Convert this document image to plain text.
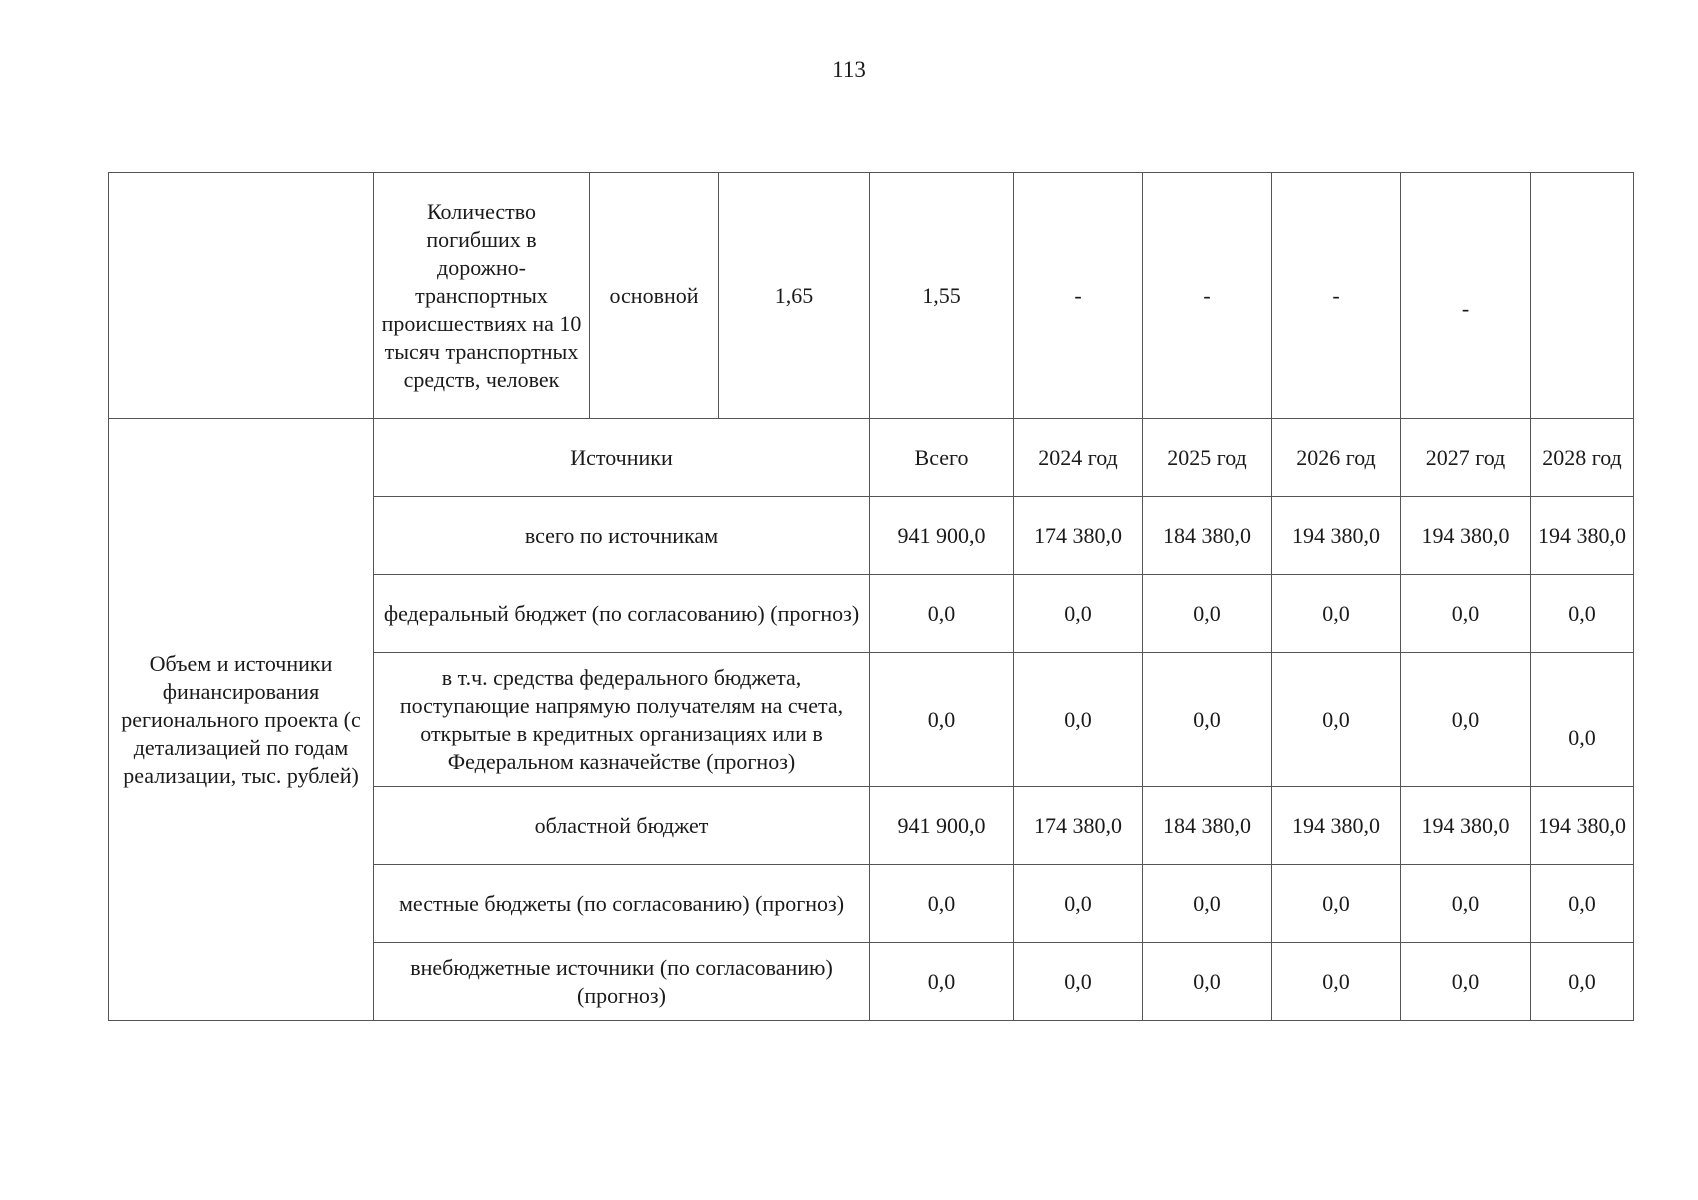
113
	Количество погибших в дорожно-транспортных происшествиях на 10 тысяч транспортных средств, человек	основной	1,65	1,55	-	-	-	-	
Объем и источники финансирования регионального проекта (с детализацией по годам реализации, тыс. рублей)	Источники			Всего	2024 год	2025 год	2026 год	2027 год	2028 год
	всего по источникам			941 900,0	174 380,0	184 380,0	194 380,0	194 380,0	194 380,0
	федеральный бюджет (по согласованию) (прогноз)			0,0	0,0	0,0	0,0	0,0	0,0
	в т.ч. средства федерального бюджета, поступающие напрямую получателям на счета, открытые в кредитных организациях или в Федеральном казначействе (прогноз)			0,0	0,0	0,0	0,0	0,0	0,0
	областной бюджет			941 900,0	174 380,0	184 380,0	194 380,0	194 380,0	194 380,0
	местные бюджеты (по согласованию) (прогноз)			0,0	0,0	0,0	0,0	0,0	0,0
	внебюджетные источники (по согласованию) (прогноз)			0,0	0,0	0,0	0,0	0,0	0,0
